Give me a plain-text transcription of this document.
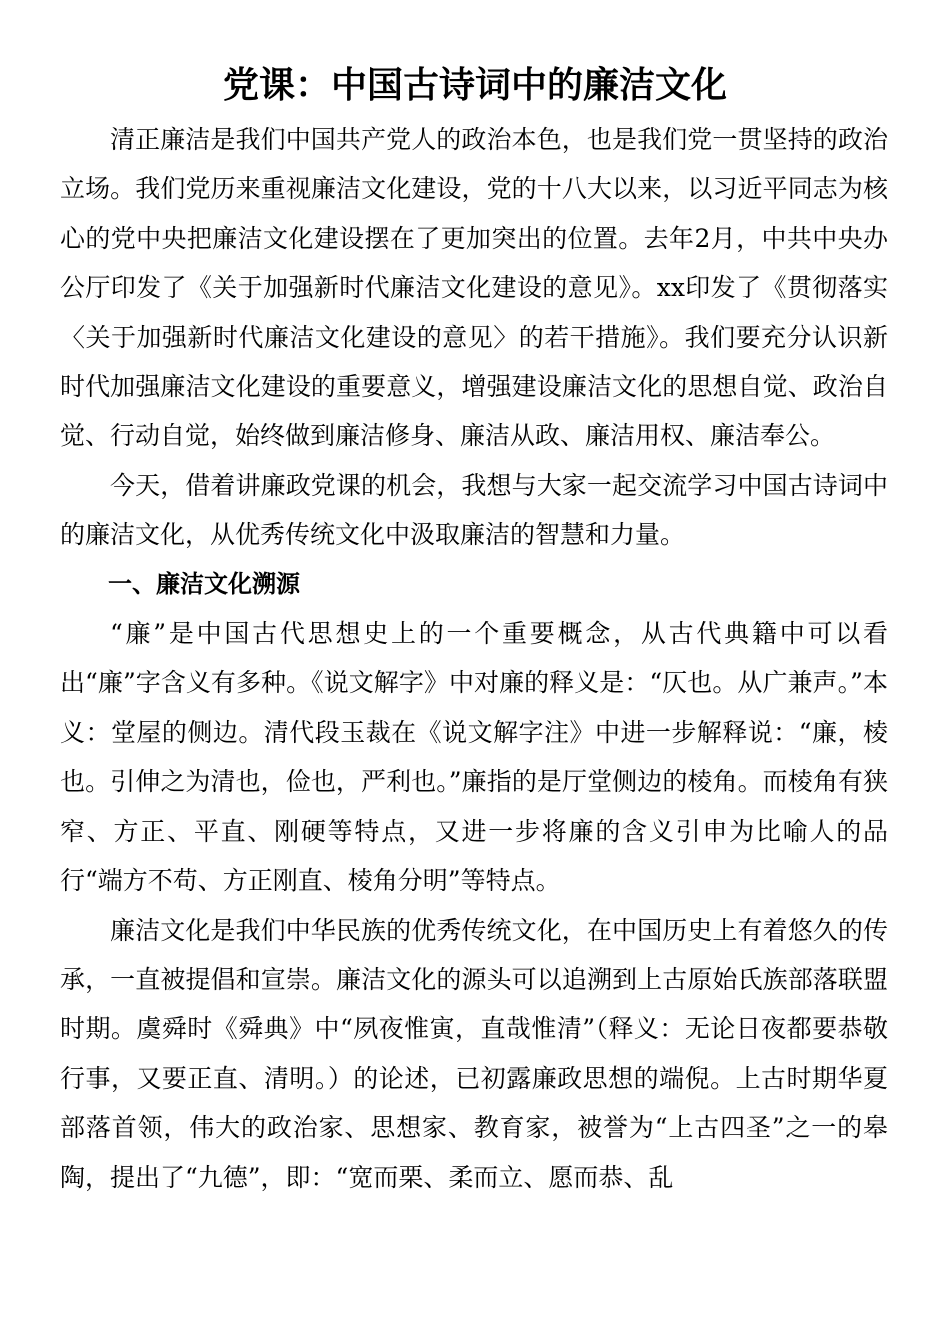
党课：中国古诗词中的廉洁文化

清正廉洁是我们中国共产党人的政治本色，也是我们党一贯坚持的政治立场。我们党历来重视廉洁文化建设，党的十八大以来，以习近平同志为核心的党中央把廉洁文化建设摆在了更加突出的位置。去年2月，中共中央办公厅印发了《关于加强新时代廉洁文化建设的意见》。xx印发了《贯彻落实〈关于加强新时代廉洁文化建设的意见〉的若干措施》。我们要充分认识新时代加强廉洁文化建设的重要意义，增强建设廉洁文化的思想自觉、政治自觉、行动自觉，始终做到廉洁修身、廉洁从政、廉洁用权、廉洁奉公。

今天，借着讲廉政党课的机会，我想与大家一起交流学习中国古诗词中的廉洁文化，从优秀传统文化中汲取廉洁的智慧和力量。

一、廉洁文化溯源

“廉”是中国古代思想史上的一个重要概念，从古代典籍中可以看出“廉”字含义有多种。《说文解字》中对廉的释义是：“仄也。从广兼声。”本义：堂屋的侧边。清代段玉裁在《说文解字注》中进一步解释说：“廉，棱也。引伸之为清也，俭也，严利也。”廉指的是厅堂侧边的棱角。而棱角有狭窄、方正、平直、刚硬等特点，又进一步将廉的含义引申为比喻人的品行“端方不苟、方正刚直、棱角分明”等特点。

廉洁文化是我们中华民族的优秀传统文化，在中国历史上有着悠久的传承，一直被提倡和宣崇。廉洁文化的源头可以追溯到上古原始氏族部落联盟时期。虞舜时《舜典》中“夙夜惟寅，直哉惟清”（释义：无论日夜都要恭敬行事，又要正直、清明。）的论述，已初露廉政思想的端倪。上古时期华夏部落首领，伟大的政治家、思想家、教育家，被誉为“上古四圣”之一的皋陶，提出了“九德”，即：“宽而栗、柔而立、愿而恭、乱
